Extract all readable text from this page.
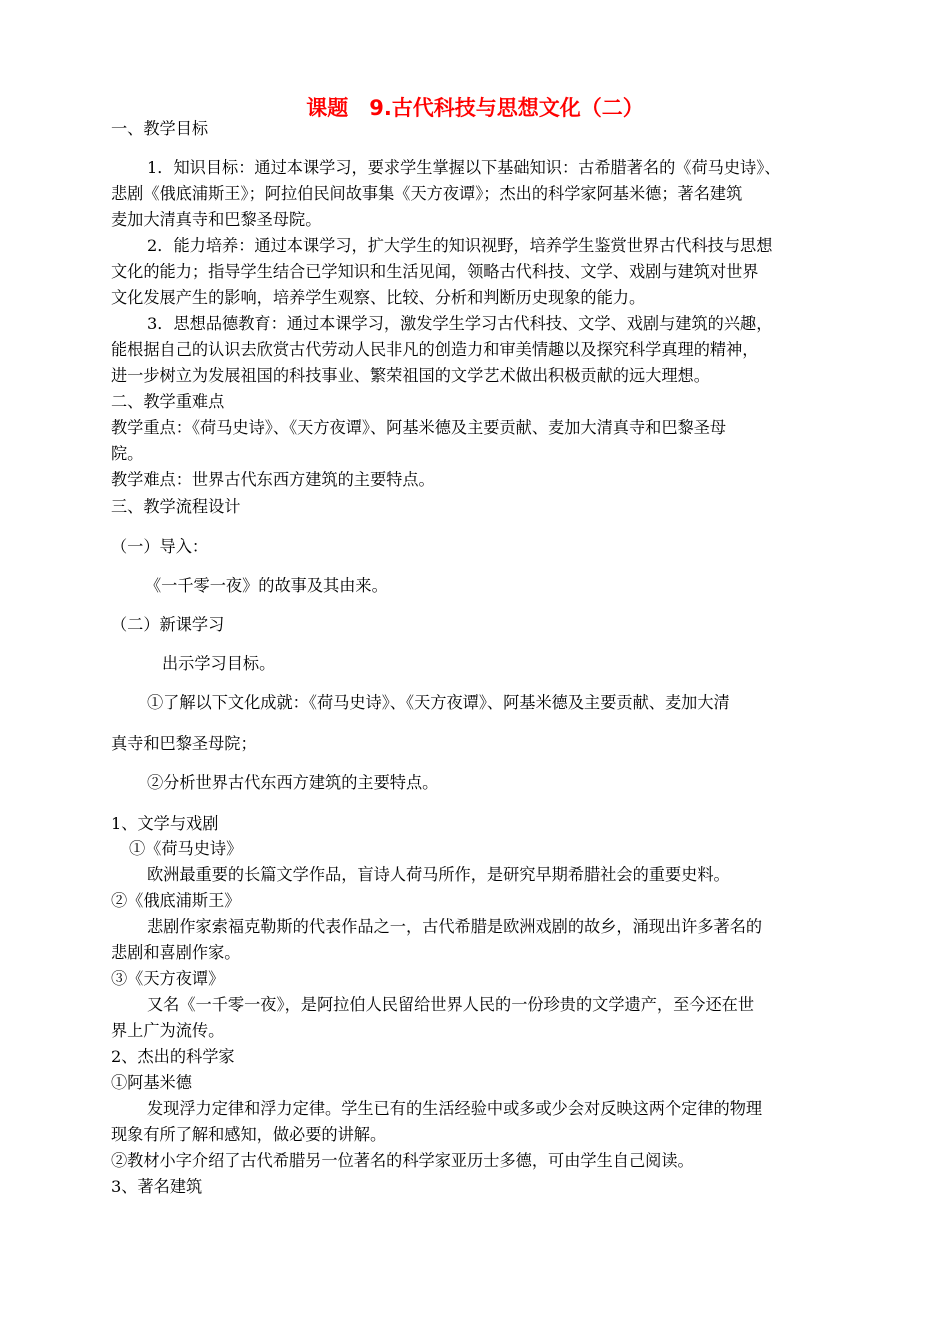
课题　9.古代科技与思想文化（二）
一、教学目标
1．知识目标：通过本课学习，要求学生掌握以下基础知识：古希腊著名的《荷马史诗》、
悲剧《俄底浦斯王》；阿拉伯民间故事集《天方夜谭》；杰出的科学家阿基米德；著名建筑
麦加大清真寺和巴黎圣母院。
2．能力培养：通过本课学习，扩大学生的知识视野，培养学生鉴赏世界古代科技与思想
文化的能力；指导学生结合已学知识和生活见闻，领略古代科技、文学、戏剧与建筑对世界
文化发展产生的影响，培养学生观察、比较、分析和判断历史现象的能力。
3．思想品德教育：通过本课学习，激发学生学习古代科技、文学、戏剧与建筑的兴趣，
能根据自己的认识去欣赏古代劳动人民非凡的创造力和审美情趣以及探究科学真理的精神，
进一步树立为发展祖国的科技事业、繁荣祖国的文学艺术做出积极贡献的远大理想。
二、教学重难点
教学重点：《荷马史诗》、《天方夜谭》、阿基米德及主要贡献、麦加大清真寺和巴黎圣母
院。
教学难点：世界古代东西方建筑的主要特点。
三、教学流程设计
（一）导入：
《一千零一夜》的故事及其由来。
（二）新课学习
出示学习目标。
①了解以下文化成就：《荷马史诗》、《天方夜谭》、阿基米德及主要贡献、麦加大清
真寺和巴黎圣母院；
②分析世界古代东西方建筑的主要特点。
1、文学与戏剧
①《荷马史诗》
欧洲最重要的长篇文学作品，盲诗人荷马所作，是研究早期希腊社会的重要史料。
②《俄底浦斯王》
悲剧作家索福克勒斯的代表作品之一，古代希腊是欧洲戏剧的故乡，涌现出许多著名的
悲剧和喜剧作家。
③《天方夜谭》
又名《一千零一夜》，是阿拉伯人民留给世界人民的一份珍贵的文学遗产，至今还在世
界上广为流传。
2、杰出的科学家
①阿基米德
发现浮力定律和浮力定律。学生已有的生活经验中或多或少会对反映这两个定律的物理
现象有所了解和感知，做必要的讲解。
②教材小字介绍了古代希腊另一位著名的科学家亚历士多德，可由学生自己阅读。
3、著名建筑
